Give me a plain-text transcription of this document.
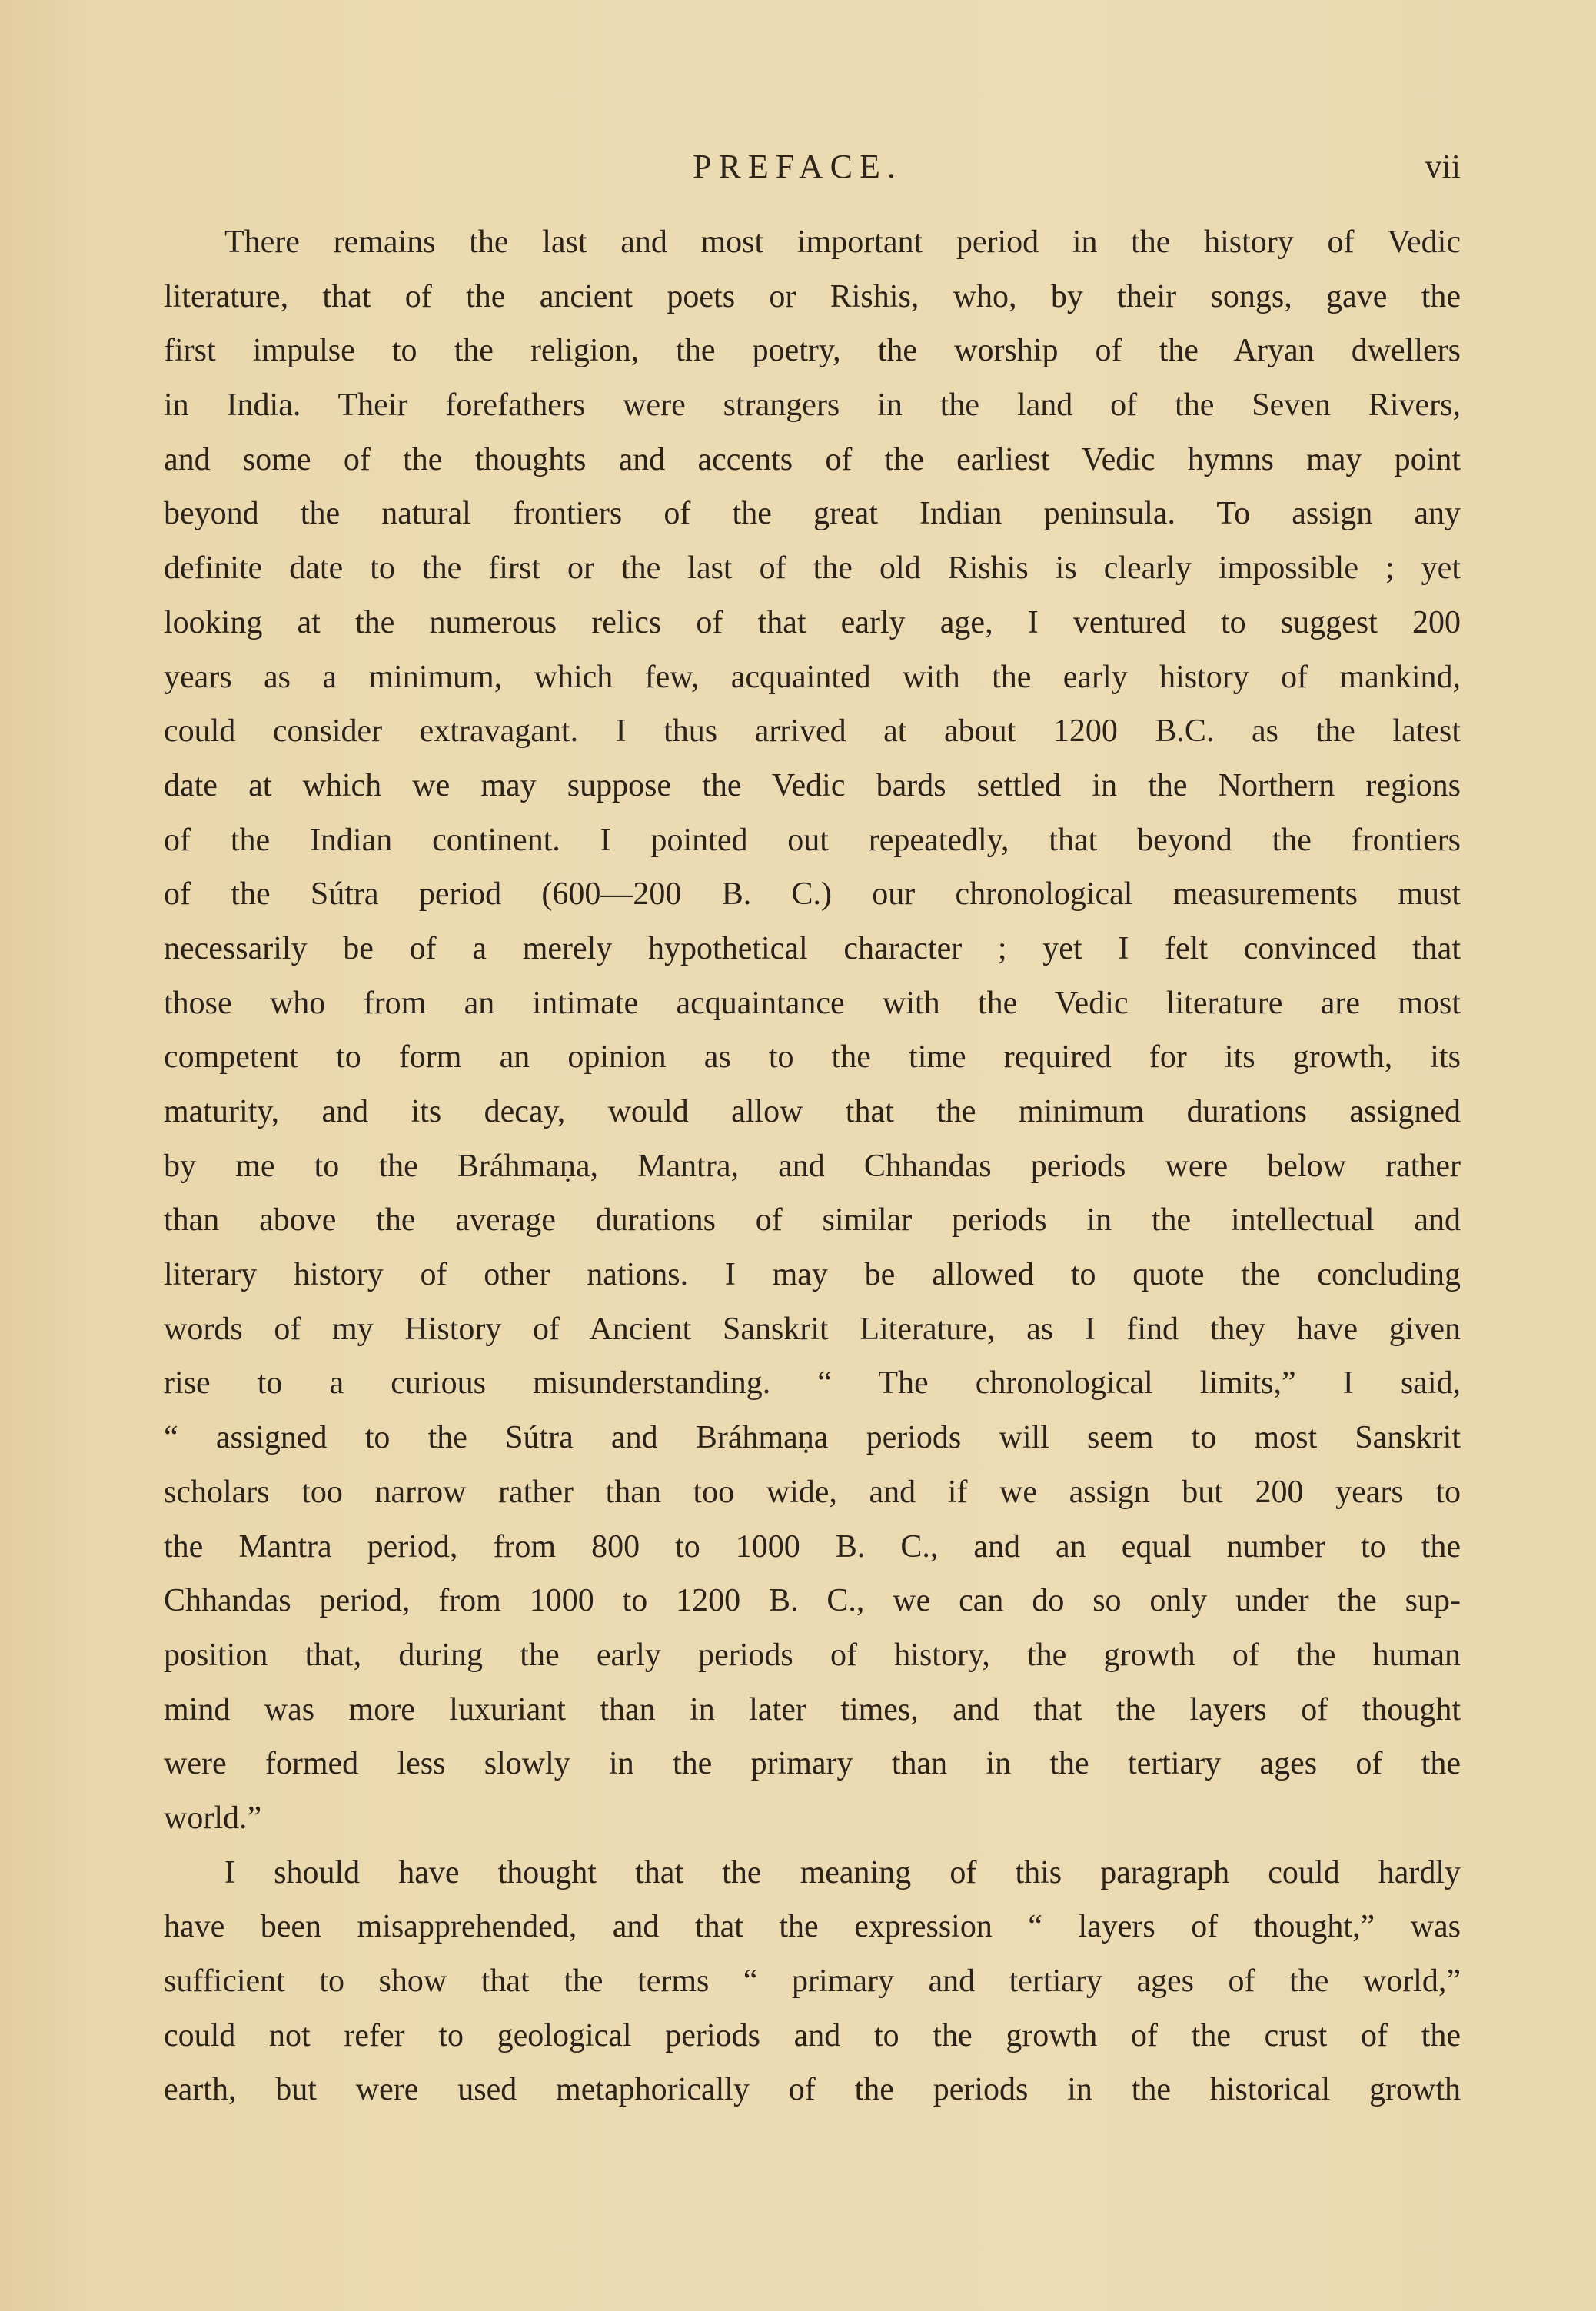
PREFACE.	vii
There remains the last and most important period in the history of Vedic
literature, that of the ancient poets or Rishis, who, by their songs, gave the
first impulse to the religion, the poetry, the worship of the Aryan dwellers
in India. Their forefathers were strangers in the land of the Seven Rivers,
and some of the thoughts and accents of the earliest Vedic hymns may point
beyond the natural frontiers of the great Indian peninsula. To assign any
definite date to the first or the last of the old Rishis is clearly impossible ; yet
looking at the numerous relics of that early age, I ventured to suggest 200
years as a minimum, which few, acquainted with the early history of mankind,
could consider extravagant. I thus arrived at about 1200 B.C. as the latest
date at which we may suppose the Vedic bards settled in the Northern regions
of the Indian continent. I pointed out repeatedly, that beyond the frontiers
of the Sútra period (600—200 B. C.) our chronological measurements must
necessarily be of a merely hypothetical character ; yet I felt convinced that
those who from an intimate acquaintance with the Vedic literature are most
competent to form an opinion as to the time required for its growth, its
maturity, and its decay, would allow that the minimum durations assigned
by me to the Bráhmaṇa, Mantra, and Chhandas periods were below rather
than above the average durations of similar periods in the intellectual and
literary history of other nations. I may be allowed to quote the concluding
words of my History of Ancient Sanskrit Literature, as I find they have given
rise to a curious misunderstanding. “ The chronological limits,” I said,
“ assigned to the Sútra and Bráhmaṇa periods will seem to most Sanskrit
scholars too narrow rather than too wide, and if we assign but 200 years to
the Mantra period, from 800 to 1000 B. C., and an equal number to the
Chhandas period, from 1000 to 1200 B. C., we can do so only under the sup-
position that, during the early periods of history, the growth of the human
mind was more luxuriant than in later times, and that the layers of thought
were formed less slowly in the primary than in the tertiary ages of the
world.”
I should have thought that the meaning of this paragraph could hardly
have been misapprehended, and that the expression “ layers of thought,” was
sufficient to show that the terms “ primary and tertiary ages of the world,”
could not refer to geological periods and to the growth of the crust of the
earth, but were used metaphorically of the periods in the historical growth
